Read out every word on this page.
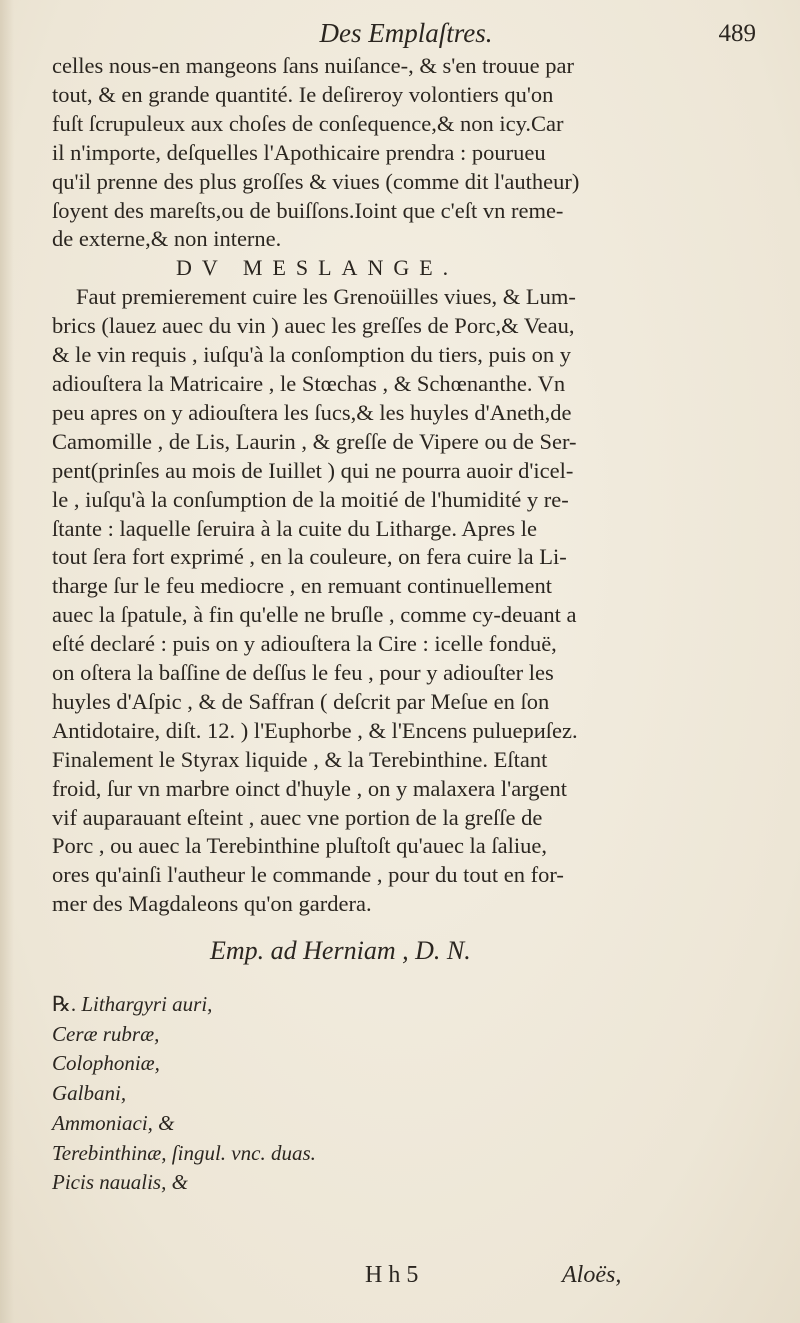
Des Emplaſtres.	489
celles nous-en mangeons ſans nuiſance-, & s'en trouue par
tout, & en grande quantité. Ie deſireroy volontiers qu'on
fuſt ſcrupuleux aux choſes de conſequence,& non icy.Car
il n'importe, deſquelles l'Apothicaire prendra : pourueu
qu'il prenne des plus groſſes & viues (comme dit l'autheur)
ſoyent des mareſts,ou de buiſſons.Ioint que c'eſt vn reme-
de externe,& non interne.
DV MESLANGE.
Faut premierement cuire les Grenoüilles viues, & Lum-
brics (lauez auec du vin ) auec les greſſes de Porc,& Veau,
& le vin requis , iuſqu'à la conſomption du tiers, puis on y
adiouſtera la Matricaire , le Stœchas , & Schœnanthe. Vn
peu apres on y adiouſtera les ſucs,& les huyles d'Aneth,de
Camomille , de Lis, Laurin , & greſſe de Vipere ou de Ser-
pent(prinſes au mois de Iuillet ) qui ne pourra auoir d'icel-
le , iuſqu'à la conſumption de la moitié de l'humidité y re-
ſtante : laquelle ſeruira à la cuite du Litharge. Apres le
tout ſera fort exprimé , en la couleure, on fera cuire la Li-
tharge ſur le feu mediocre , en remuant continuellement
auec la ſpatule, à fin qu'elle ne bruſle , comme cy-deuant a
eſté declaré : puis on y adiouſtera la Cire : icelle fonduë,
on oſtera la baſſine de deſſus le feu , pour y adiouſter les
huyles d'Aſpic , & de Saffran ( deſcrit par Meſue en ſon
Antidotaire, diſt. 12. ) l'Euphorbe , & l'Encens puluериſez.
Finalement le Styrax liquide , & la Terebinthine. Eſtant
froid, ſur vn marbre oinct d'huyle , on y malaxera l'argent
vif auparauant eſteint , auec vne portion de la greſſe de
Porc , ou auec la Terebinthine pluſtoſt qu'auec la ſaliue,
ores qu'ainſi l'autheur le commande , pour du tout en for-
mer des Magdaleons qu'on gardera.
Emp. ad Herniam , D. N.
℞. Lithargyri auri,
Ceræ rubræ,
Colophoniæ,
Galbani,
Ammoniaci, &
Terebinthinæ, ſingul. vnc. duas.
Picis naualis, &
H h 5	Aloës,
